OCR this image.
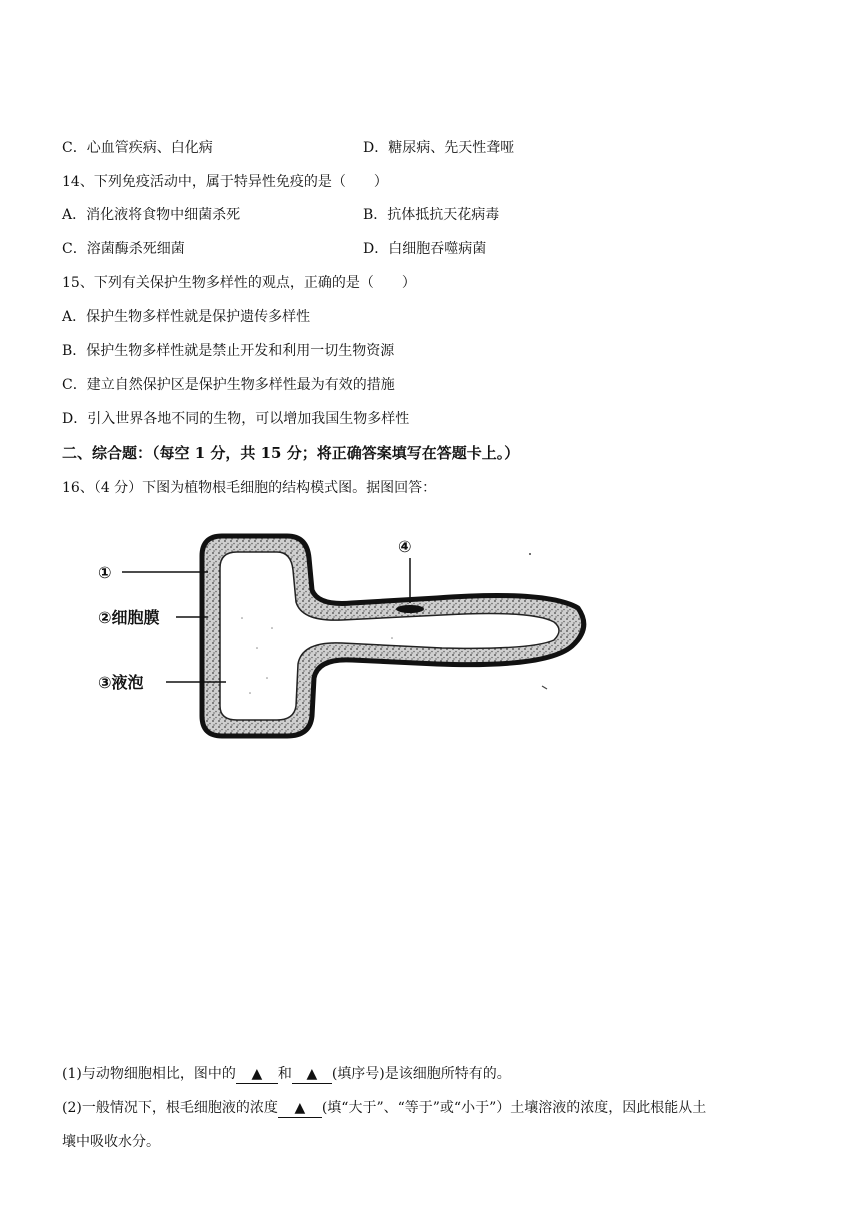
C．心血管疾病、白化病	D．糖尿病、先天性聋哑
14、下列免疫活动中，属于特异性免疫的是（　　）
A．消化液将食物中细菌杀死	B．抗体抵抗天花病毒
C．溶菌酶杀死细菌	D．白细胞吞噬病菌
15、下列有关保护生物多样性的观点，正确的是（　　）
A．保护生物多样性就是保护遗传多样性
B．保护生物多样性就是禁止开发和利用一切生物资源
C．建立自然保护区是保护生物多样性最为有效的措施
D．引入世界各地不同的生物，可以增加我国生物多样性
二、综合题：（每空 1 分，共 15 分；将正确答案填写在答题卡上。）
16、（4 分）下图为植物根毛细胞的结构模式图。据图回答：
①
②细胞膜
③液泡
④
(1)与动物细胞相比，图中的 ▲ 和 ▲ (填序号)是该细胞所特有的。
(2)一般情况下，根毛细胞液的浓度 ▲ (填“大于”、“等于”或“小于”）土壤溶液的浓度，因此根能从土
壤中吸收水分。
